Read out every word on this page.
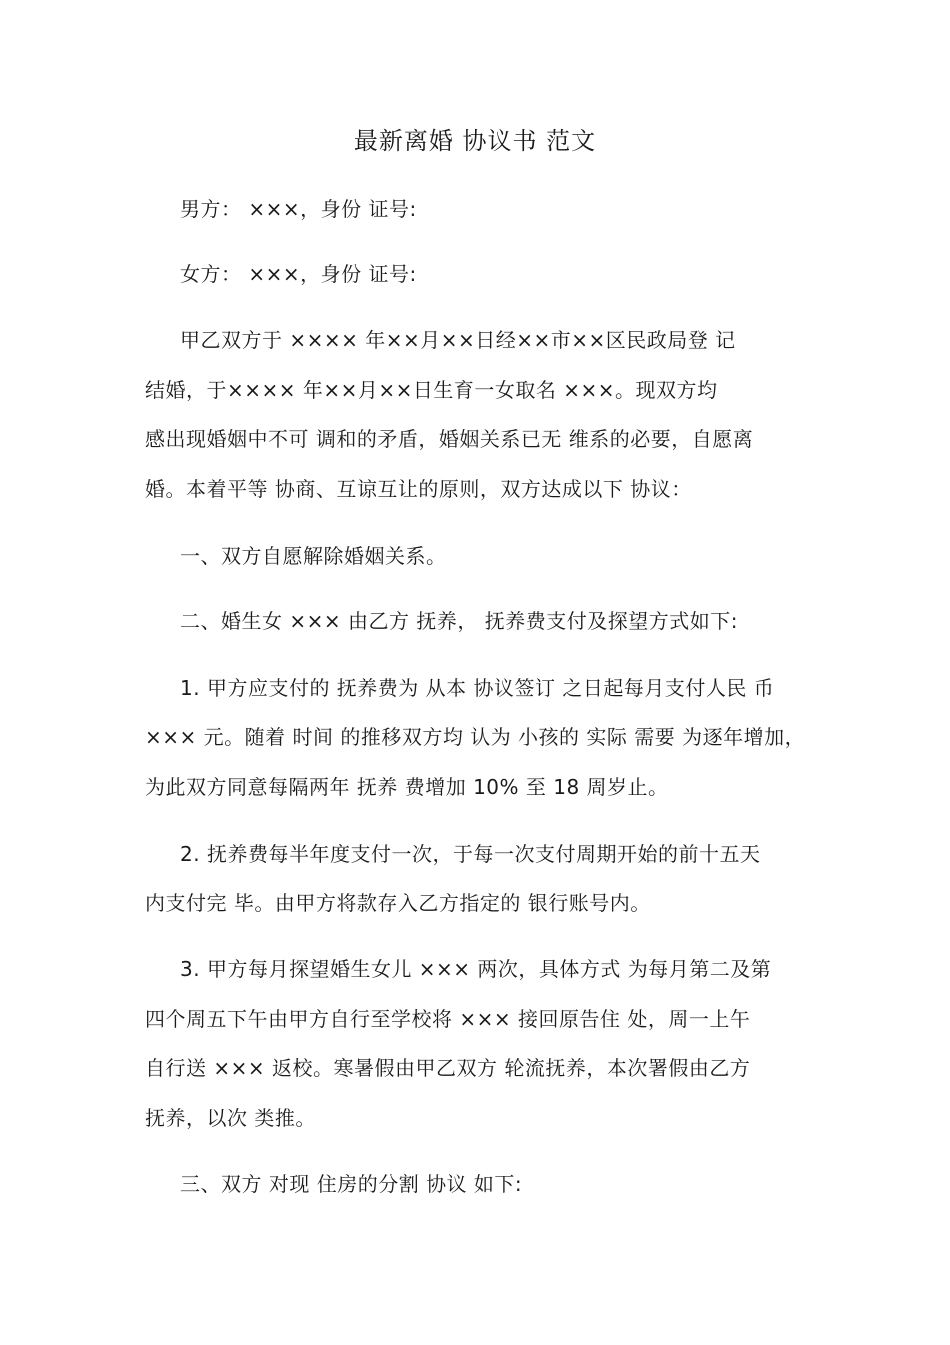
最新离婚 协议书 范文
男方： ×××，身份 证号:
女方： ×××，身份 证号:
甲乙双方于 ×××× 年××月××日经××市××区民政局登 记
结婚，于×××× 年××月××日生育一女取名 ×××。现双方均
感出现婚姻中不可 调和的矛盾，婚姻关系已无 维系的必要，自愿离
婚。本着平等 协商、互谅互让的原则，双方达成以下 协议：
一、双方自愿解除婚姻关系。
二、婚生女 ××× 由乙方 抚养， 抚养费支付及探望方式如下:
1. 甲方应支付的 抚养费为 从本 协议签订 之日起每月支付人民 币
××× 元。随着 时间 的推移双方均 认为 小孩的 实际 需要 为逐年增加，
为此双方同意每隔两年 抚养 费增加 10% 至 18 周岁止。
2. 抚养费每半年度支付一次，于每一次支付周期开始的前十五天
内支付完 毕。由甲方将款存入乙方指定的 银行账号内。
3. 甲方每月探望婚生女儿 ××× 两次，具体方式 为每月第二及第
四个周五下午由甲方自行至学校将 ××× 接回原告住 处，周一上午
自行送 ××× 返校。寒暑假由甲乙双方 轮流抚养，本次署假由乙方
抚养，以次 类推。
三、双方 对现 住房的分割 协议 如下:
